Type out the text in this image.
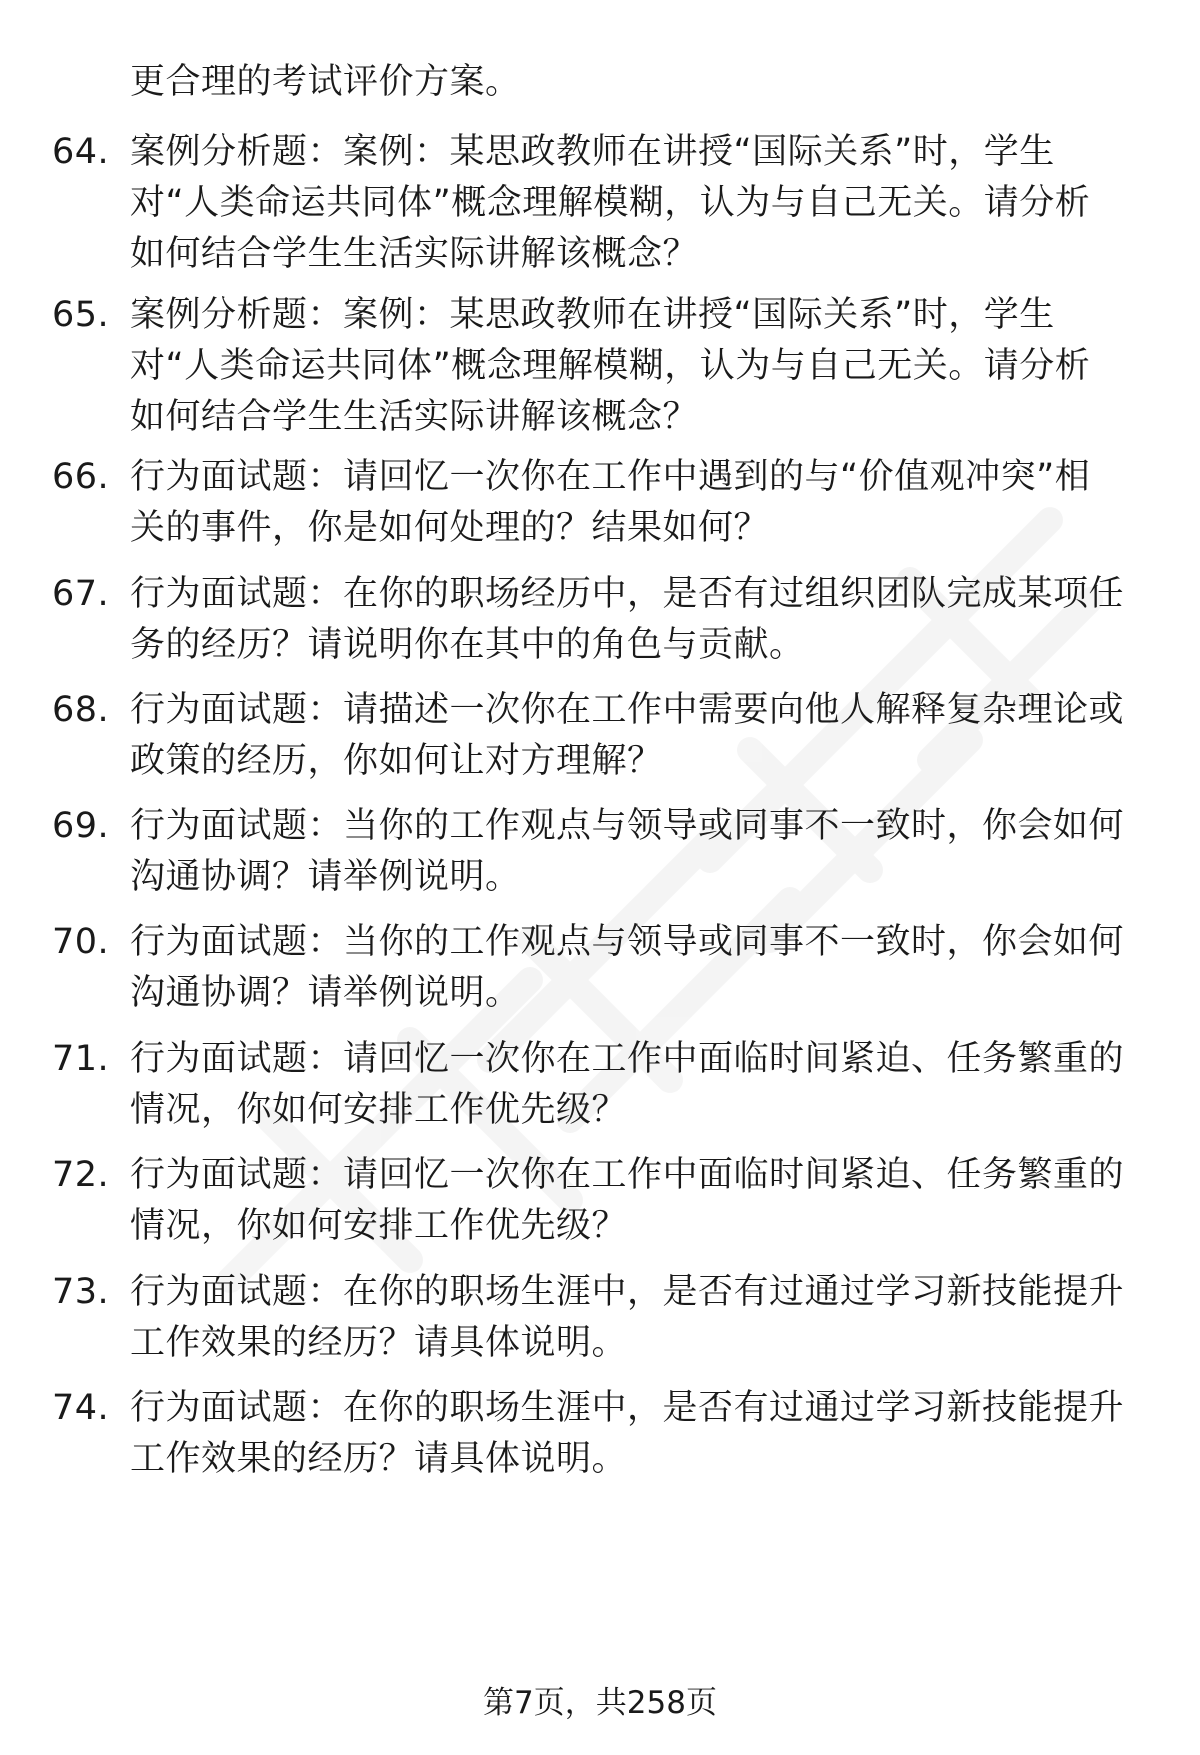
更合理的考试评价方案。
64. 案例分析题：案例：某思政教师在讲授“国际关系”时，学生
对“人类命运共同体”概念理解模糊，认为与自己无关。请分析
如何结合学生生活实际讲解该概念？
65. 案例分析题：案例：某思政教师在讲授“国际关系”时，学生
对“人类命运共同体”概念理解模糊，认为与自己无关。请分析
如何结合学生生活实际讲解该概念？
66. 行为面试题：请回忆一次你在工作中遇到的与“价值观冲突”相
关的事件，你是如何处理的？结果如何？
67. 行为面试题：在你的职场经历中，是否有过组织团队完成某项任
务的经历？请说明你在其中的角色与贡献。
68. 行为面试题：请描述一次你在工作中需要向他人解释复杂理论或
政策的经历，你如何让对方理解？
69. 行为面试题：当你的工作观点与领导或同事不一致时，你会如何
沟通协调？请举例说明。
70. 行为面试题：当你的工作观点与领导或同事不一致时，你会如何
沟通协调？请举例说明。
71. 行为面试题：请回忆一次你在工作中面临时间紧迫、任务繁重的
情况，你如何安排工作优先级？
72. 行为面试题：请回忆一次你在工作中面临时间紧迫、任务繁重的
情况，你如何安排工作优先级？
73. 行为面试题：在你的职场生涯中，是否有过通过学习新技能提升
工作效果的经历？请具体说明。
74. 行为面试题：在你的职场生涯中，是否有过通过学习新技能提升
工作效果的经历？请具体说明。
第7页，共258页
